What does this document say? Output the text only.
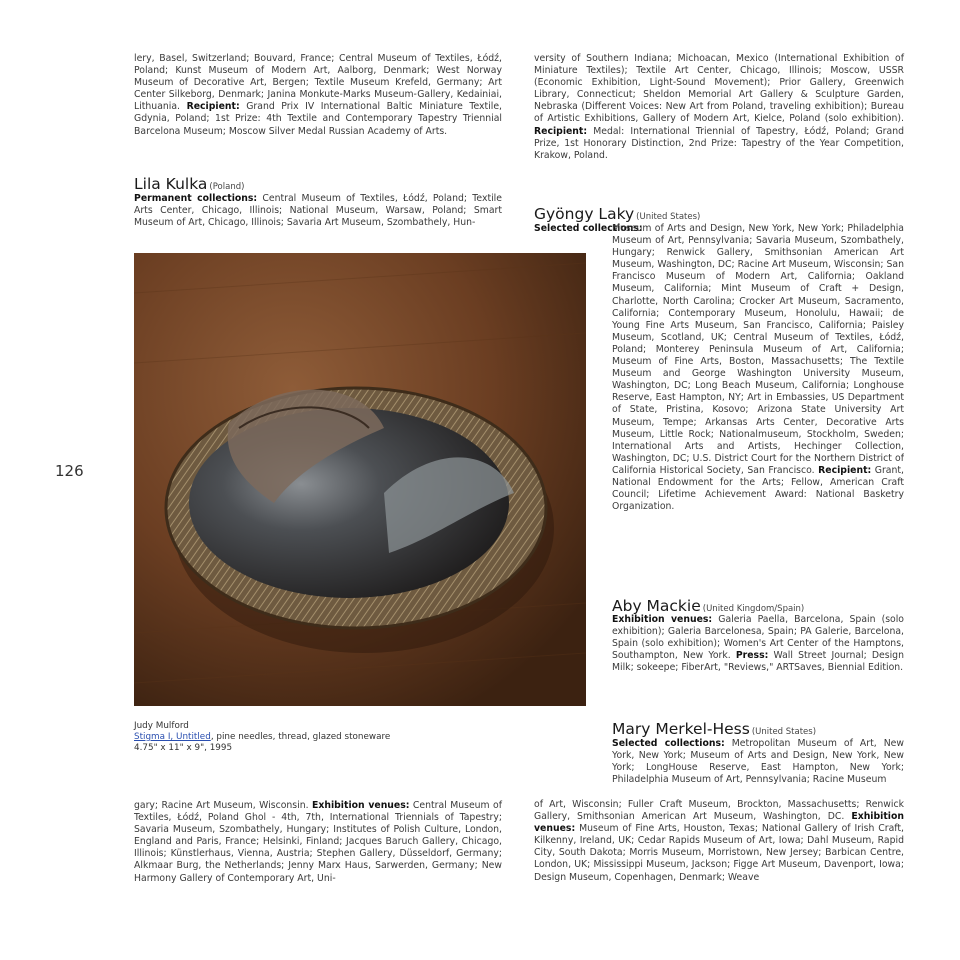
126
lery, Basel, Switzerland; Bouvard, France; Central Museum of Textiles, Łódź, Poland; Kunst Museum of Modern Art, Aalborg, Denmark; West Norway Museum of Decorative Art, Bergen; Textile Museum Krefeld, Germany; Art Center Silkeborg, Denmark; Janina Monkute-Marks Museum-Gallery, Kedainiai, Lithuania. Recipient: Grand Prix IV International Baltic Miniature Textile, Gdynia, Poland; 1st Prize: 4th Textile and Contemporary Tapestry Triennial Barcelona Museum; Moscow Silver Medal Russian Academy of Arts.
Lila Kulka (Poland)
Permanent collections: Central Museum of Textiles, Łódź, Poland; Textile Arts Center, Chicago, Illinois; National Museum, Warsaw, Poland; Smart Museum of Art, Chicago, Illinois; Savaria Art Museum, Szombathely, Hun-
Judy Mulford
Stigma I, Untitled, pine needles, thread, glazed stoneware
4.75" x 11" x 9", 1995
gary; Racine Art Museum, Wisconsin. Exhibition venues: Central Museum of Textiles, Łódź, Poland Ghol - 4th, 7th, International Triennials of Tapestry; Savaria Museum, Szombathely, Hungary; Institutes of Polish Culture, London, England and Paris, France; Helsinki, Finland; Jacques Baruch Gallery, Chicago, Illinois; Künstlerhaus, Vienna, Austria; Stephen Gallery, Düsseldorf, Germany; Alkmaar Burg, the Netherlands; Jenny Marx Haus, Sarwerden, Germany; New Harmony Gallery of Contemporary Art, Uni-
versity of Southern Indiana; Michoacan, Mexico (International Exhibition of Miniature Textiles); Textile Art Center, Chicago, Illinois; Moscow, USSR (Economic Exhibition, Light-Sound Movement); Prior Gallery, Greenwich Library, Connecticut; Sheldon Memorial Art Gallery & Sculpture Garden, Nebraska (Different Voices: New Art from Poland, traveling exhibition); Bureau of Artistic Exhibitions, Gallery of Modern Art, Kielce, Poland (solo exhibition). Recipient: Medal: International Triennial of Tapestry, Łódź, Poland; Grand Prize, 1st Honorary Distinction, 2nd Prize: Tapestry of the Year Competition, Krakow, Poland.
Gyöngy Laky (United States)
Selected collections:
Museum of Arts and Design, New York, New York; Philadelphia Museum of Art, Pennsylvania; Savaria Museum, Szombathely, Hungary; Renwick Gallery, Smithsonian American Art Museum, Washington, DC; Racine Art Museum, Wisconsin; San Francisco Museum of Modern Art, California; Oakland Museum, California; Mint Museum of Craft + Design, Charlotte, North Carolina; Crocker Art Museum, Sacramento, California; Contemporary Museum, Honolulu, Hawaii; de Young Fine Arts Museum, San Francisco, California; Paisley Museum, Scotland, UK; Central Museum of Textiles, Łódź, Poland; Monterey Peninsula Museum of Art, California; Museum of Fine Arts, Boston, Massachusetts; The Textile Museum and George Washington University Museum, Washington, DC; Long Beach Museum, California; Longhouse Reserve, East Hampton, NY; Art in Embassies, US Department of State, Pristina, Kosovo; Arizona State University Art Museum, Tempe; Arkansas Arts Center, Decorative Arts Museum, Little Rock; Nationalmuseum, Stockholm, Sweden; International Arts and Artists, Hechinger Collection, Washington, DC; U.S. District Court for the Northern District of California Historical Society, San Francisco. Recipient: Grant, National Endowment for the Arts; Fellow, American Craft Council; Lifetime Achievement Award: National Basketry Organization.
Aby Mackie (United Kingdom/Spain)
Exhibition venues: Galeria Paella, Barcelona, Spain (solo exhibition); Galeria Barcelonesa, Spain; PA Galerie, Barcelona, Spain (solo exhibition); Women's Art Center of the Hamptons, Southampton, New York. Press: Wall Street Journal; Design Milk; sokeepe; FiberArt, "Reviews," ARTSaves, Biennial Edition.
Mary Merkel-Hess (United States)
Selected collections: Metropolitan Museum of Art, New York, New York; Museum of Arts and Design, New York, New York; LongHouse Reserve, East Hampton, New York; Philadelphia Museum of Art, Pennsylvania; Racine Museum
of Art, Wisconsin; Fuller Craft Museum, Brockton, Massachusetts; Renwick Gallery, Smithsonian American Art Museum, Washington, DC. Exhibition venues: Museum of Fine Arts, Houston, Texas; National Gallery of Irish Craft, Kilkenny, Ireland, UK; Cedar Rapids Museum of Art, Iowa; Dahl Museum, Rapid City, South Dakota; Morris Museum, Morristown, New Jersey; Barbican Centre, London, UK; Mississippi Museum, Jackson; Figge Art Museum, Davenport, Iowa; Design Museum, Copenhagen, Denmark; Weave
